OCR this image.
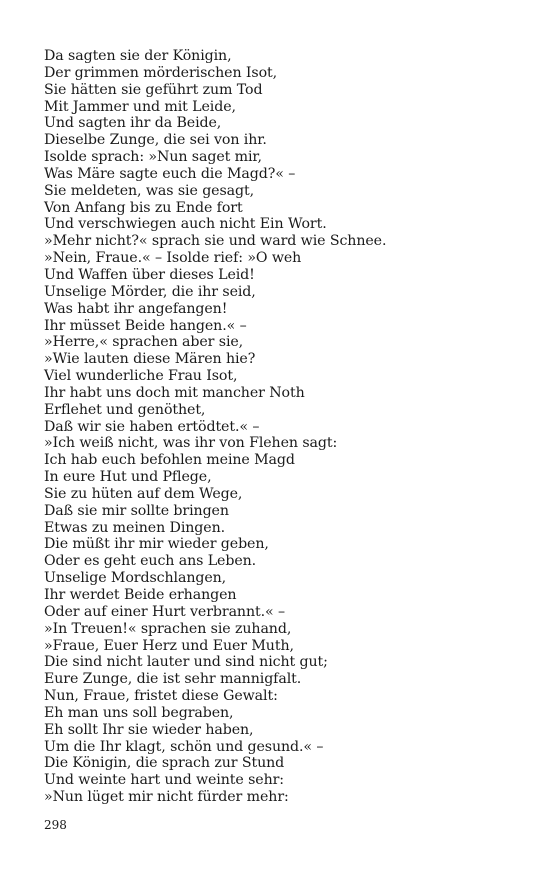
Da sagten sie der Königin,
Der grimmen mörderischen Isot,
Sie hätten sie geführt zum Tod
Mit Jammer und mit Leide,
Und sagten ihr da Beide,
Dieselbe Zunge, die sei von ihr.
Isolde sprach: »Nun saget mir,
Was Märe sagte euch die Magd?« –
Sie meldeten, was sie gesagt,
Von Anfang bis zu Ende fort
Und verschwiegen auch nicht Ein Wort.
»Mehr nicht?« sprach sie und ward wie Schnee.
»Nein, Fraue.« – Isolde rief: »O weh
Und Waffen über dieses Leid!
Unselige Mörder, die ihr seid,
Was habt ihr angefangen!
Ihr müsset Beide hangen.« –
»Herre,« sprachen aber sie,
»Wie lauten diese Mären hie?
Viel wunderliche Frau Isot,
Ihr habt uns doch mit mancher Noth
Erflehet und genöthet,
Daß wir sie haben ertödtet.« –
»Ich weiß nicht, was ihr von Flehen sagt:
Ich hab euch befohlen meine Magd
In eure Hut und Pflege,
Sie zu hüten auf dem Wege,
Daß sie mir sollte bringen
Etwas zu meinen Dingen.
Die müßt ihr mir wieder geben,
Oder es geht euch ans Leben.
Unselige Mordschlangen,
Ihr werdet Beide erhangen
Oder auf einer Hurt verbrannt.« –
»In Treuen!« sprachen sie zuhand,
»Fraue, Euer Herz und Euer Muth,
Die sind nicht lauter und sind nicht gut;
Eure Zunge, die ist sehr mannigfalt.
Nun, Fraue, fristet diese Gewalt:
Eh man uns soll begraben,
Eh sollt Ihr sie wieder haben,
Um die Ihr klagt, schön und gesund.« –
Die Königin, die sprach zur Stund
Und weinte hart und weinte sehr:
»Nun lüget mir nicht fürder mehr:
298
